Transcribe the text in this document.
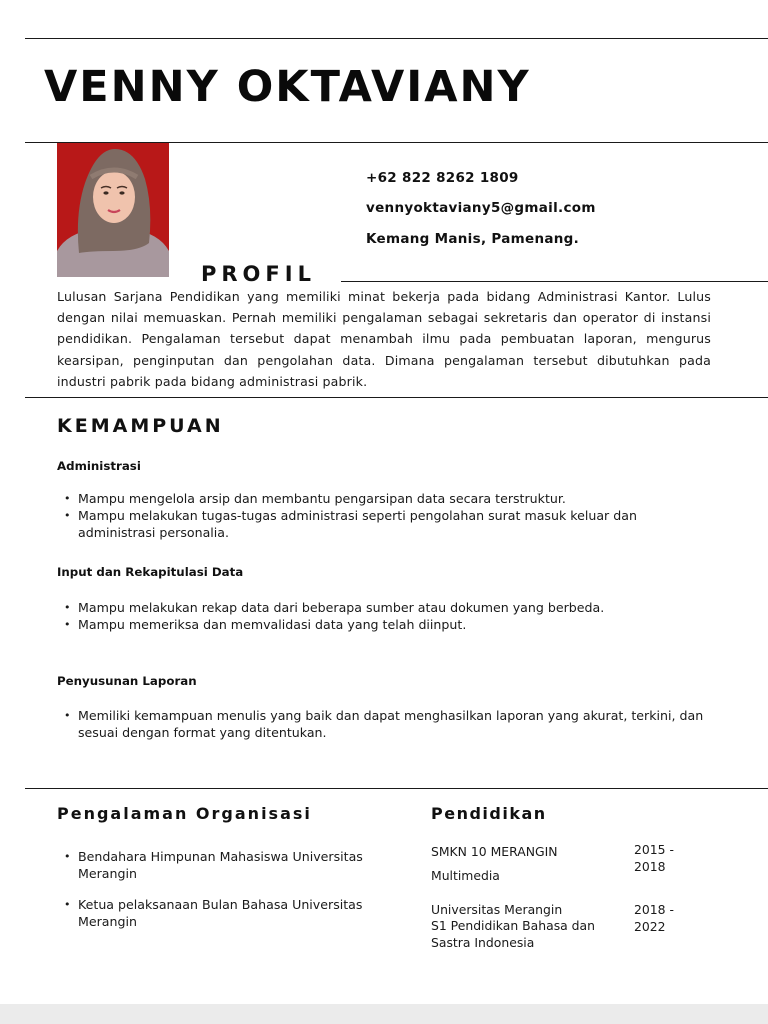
VENNY OKTAVIANY
+62 822 8262 1809
vennyoktaviany5@gmail.com
Kemang Manis, Pamenang.
PROFIL

Lulusan Sarjana Pendidikan yang memiliki minat bekerja pada bidang Administrasi Kantor. Lulus dengan nilai memuaskan. Pernah memiliki pengalaman sebagai sekretaris dan operator di instansi pendidikan. Pengalaman tersebut dapat menambah ilmu pada pembuatan laporan, mengurus kearsipan, penginputan dan pengolahan data. Dimana pengalaman tersebut dibutuhkan pada industri pabrik pada bidang administrasi pabrik.

KEMAMPUAN
Administrasi
• Mampu mengelola arsip dan membantu pengarsipan data secara terstruktur.
• Mampu melakukan tugas-tugas administrasi seperti pengolahan surat masuk keluar dan administrasi personalia.
Input dan Rekapitulasi Data
• Mampu melakukan rekap data dari beberapa sumber atau dokumen yang berbeda.
• Mampu memeriksa dan memvalidasi data yang telah diinput.
Penyusunan Laporan
• Memiliki kemampuan menulis yang baik dan dapat menghasilkan laporan yang akurat, terkini, dan sesuai dengan format yang ditentukan.
Pengalaman Organisasi
• Bendahara Himpunan Mahasiswa Universitas Merangin
• Ketua pelaksanaan Bulan Bahasa Universitas Merangin
Pendidikan
SMKN 10 MERANGIN
Multimedia
2015 - 2018
Universitas Merangin
S1 Pendidikan Bahasa dan Sastra Indonesia
2018 - 2022
